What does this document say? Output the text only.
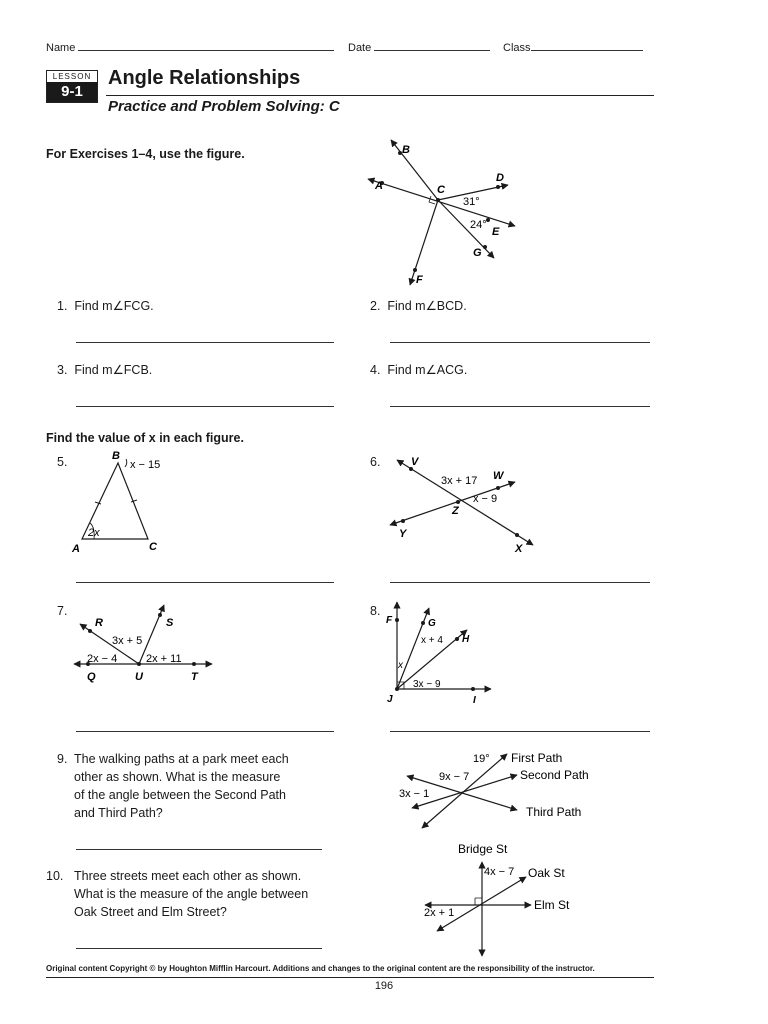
Name	Date	Class
LESSON
9-1
Angle Relationships
Practice and Problem Solving: C
For Exercises 1–4, use the figure.	B
A	C
D
E
G
F
31°
24°
1. Find m∠FCG.	2. Find m∠BCD.
3. Find m∠FCB.	4. Find m∠ACG.
Find the value of x in each figure.
5.	B
A	C
x − 15
2x
6.	V
W
Z
Y
X
3x + 17
x − 9
7.
R	S
Q	U	T
3x + 5
2x − 4	2x + 11
8.
F	G
H
J	I
x + 4
x
3x − 9
9. The walking paths at a park meet each
other as shown. What is the measure
of the angle between the Second Path
and Third Path?
19°
9x − 7
3x − 1
First Path
Second Path
Third Path
10. Three streets meet each other as shown.
What is the measure of the angle between
Oak Street and Elm Street?
Bridge St
Oak St
Elm St
4x − 7
2x + 1
Original content Copyright © by Houghton Mifflin Harcourt. Additions and changes to the original content are the responsibility of the instructor.
196
